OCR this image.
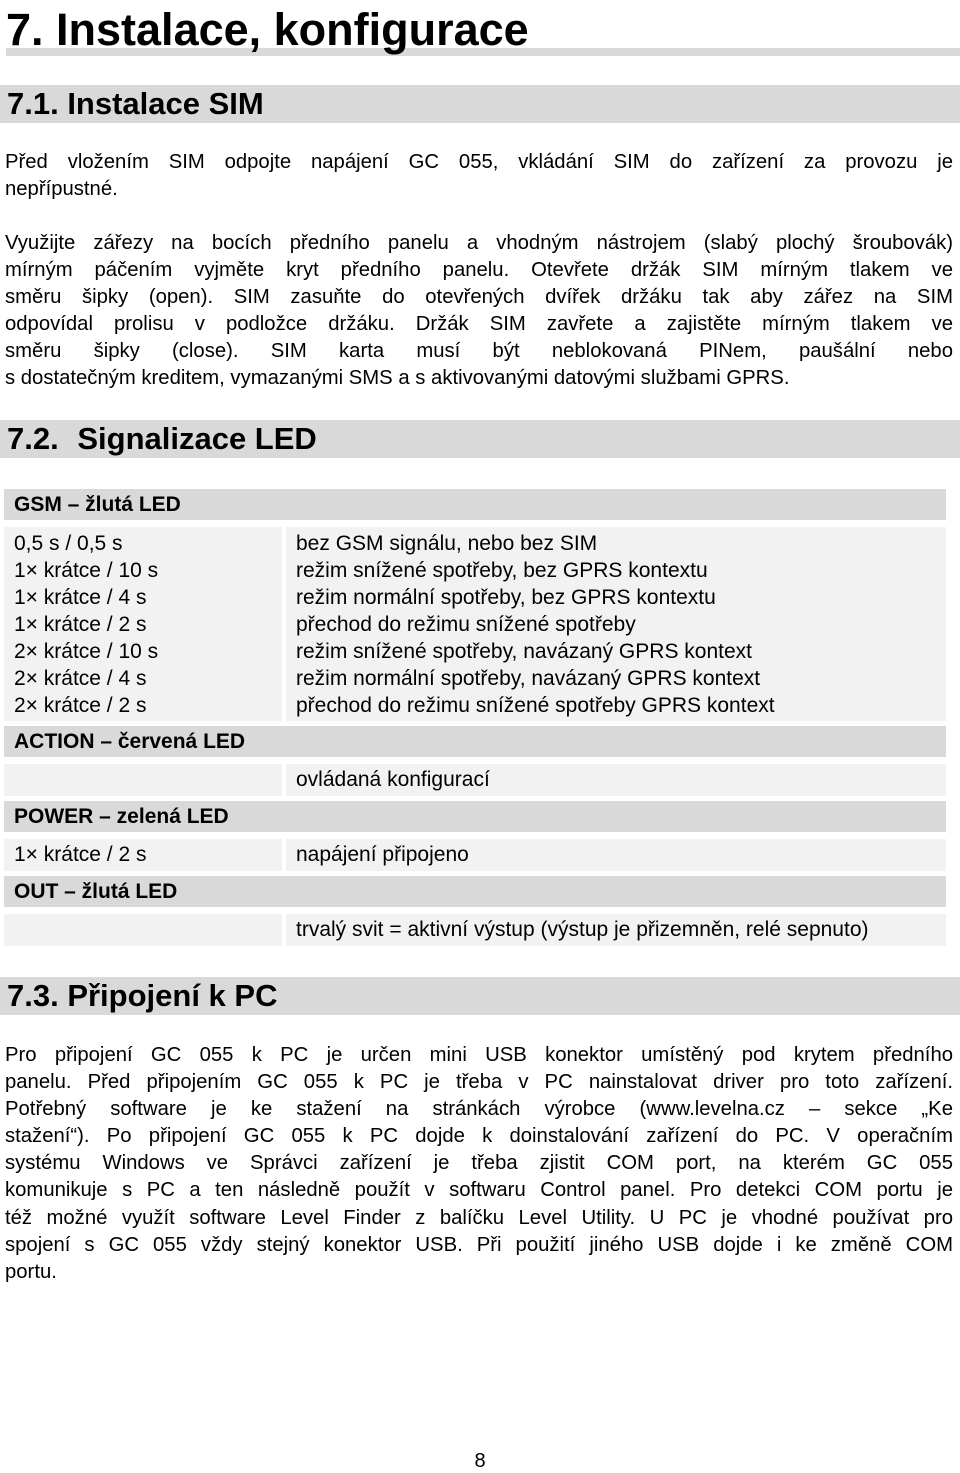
7. Instalace, konfigurace
7.1. Instalace SIM
Před vložením SIM odpojte napájení GC 055, vkládání SIM do zařízení za provozu je
nepřípustné.
Využijte zářezy na bocích předního panelu a vhodným nástrojem (slabý plochý šroubovák)
mírným páčením vyjměte kryt předního panelu. Otevřete držák SIM mírným tlakem ve
směru šipky (open). SIM zasuňte do otevřených dvířek držáku tak aby zářez na SIM
odpovídal prolisu v podložce držáku. Držák SIM zavřete a zajistěte mírným tlakem ve
směru šipky (close). SIM karta musí být neblokovaná PINem, paušální nebo
s dostatečným kreditem, vymazanými SMS a s aktivovanými datovými službami GPRS.
7.2. Signalizace LED
GSM – žlutá LED
0,5 s / 0,5 s
1× krátce / 10 s
1× krátce / 4 s
1× krátce / 2 s
2× krátce / 10 s
2× krátce / 4 s
2× krátce / 2 s
bez GSM signálu, nebo bez SIM
režim snížené spotřeby, bez GPRS kontextu
režim normální spotřeby, bez GPRS kontextu
přechod do režimu snížené spotřeby
režim snížené spotřeby, navázaný GPRS kontext
režim normální spotřeby, navázaný GPRS kontext
přechod do režimu snížené spotřeby GPRS kontext
ACTION – červená LED
ovládaná konfigurací
POWER – zelená LED
1× krátce / 2 s	napájení připojeno
OUT – žlutá LED
trvalý svit = aktivní výstup (výstup je přizemněn, relé sepnuto)
7.3. Připojení k PC
Pro připojení GC 055 k PC je určen mini USB konektor umístěný pod krytem předního
panelu. Před připojením GC 055 k PC je třeba v PC nainstalovat driver pro toto zařízení.
Potřebný software je ke stažení na stránkách výrobce (www.levelna.cz – sekce „Ke
stažení“). Po připojení GC 055 k PC dojde k doinstalování zařízení do PC. V operačním
systému Windows ve Správci zařízení je třeba zjistit COM port, na kterém GC 055
komunikuje s PC a ten následně použít v softwaru Control panel. Pro detekci COM portu je
též možné využít software Level Finder z balíčku Level Utility. U PC je vhodné používat pro
spojení s GC 055 vždy stejný konektor USB. Při použití jiného USB dojde i ke změně COM
portu.
8
